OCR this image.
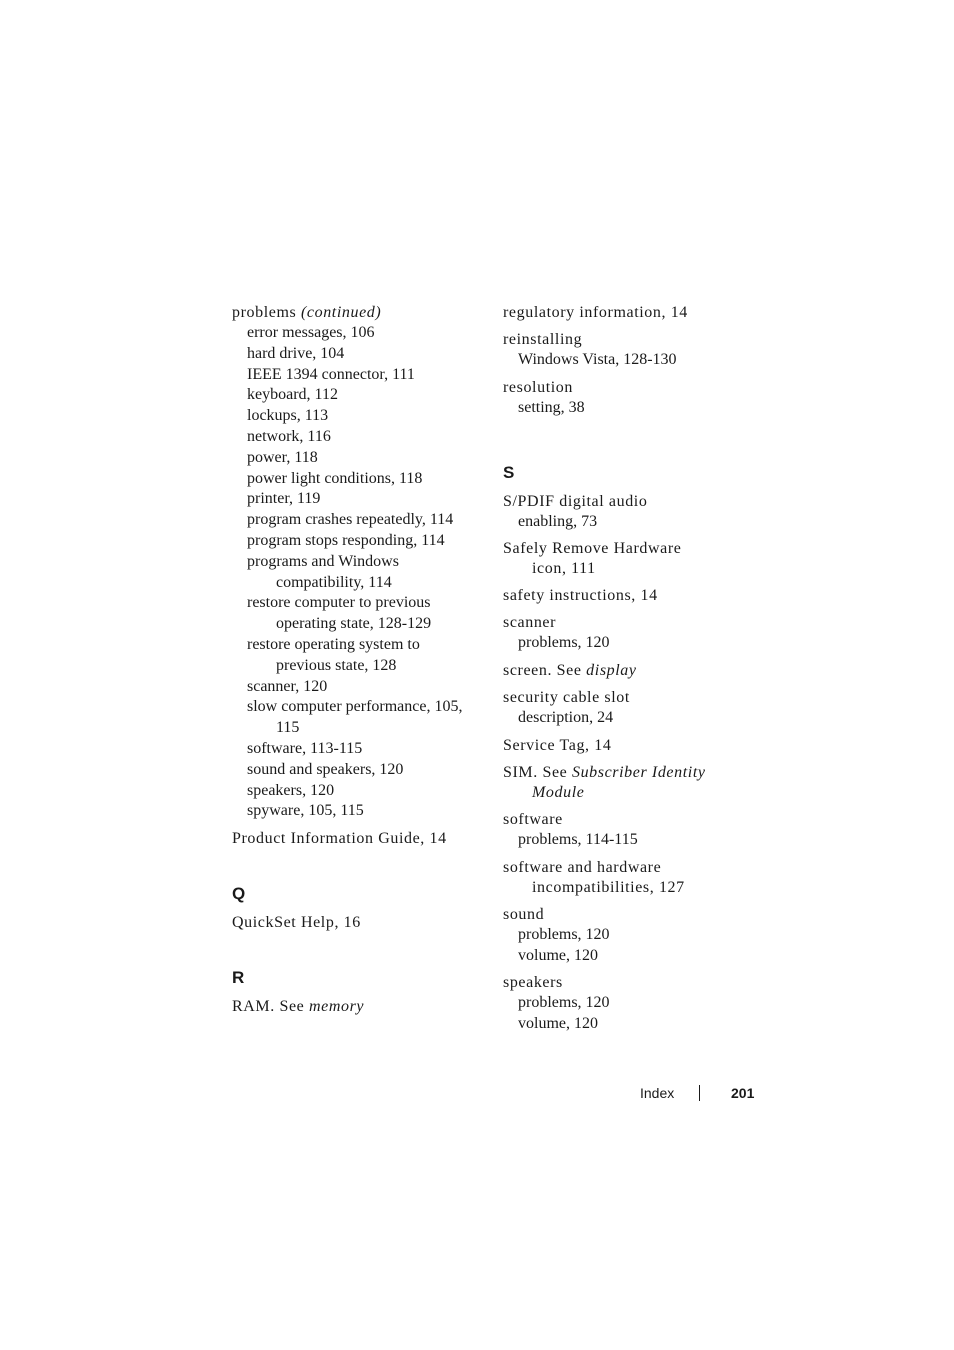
problems (continued)
error messages, 106
hard drive, 104
IEEE 1394 connector, 111
keyboard, 112
lockups, 113
network, 116
power, 118
power light conditions, 118
printer, 119
program crashes repeatedly, 114
program stops responding, 114
programs and Windows
compatibility, 114
restore computer to previous
operating state, 128-129
restore operating system to
previous state, 128
scanner, 120
slow computer performance, 105,
115
software, 113-115
sound and speakers, 120
speakers, 120
spyware, 105, 115
Product Information Guide, 14
Q
QuickSet Help, 16
R
RAM. See memory
regulatory information, 14
reinstalling
Windows Vista, 128-130
resolution
setting, 38
S
S/PDIF digital audio
enabling, 73
Safely Remove Hardware
icon, 111
safety instructions, 14
scanner
problems, 120
screen. See display
security cable slot
description, 24
Service Tag, 14
SIM. See Subscriber Identity
Module
software
problems, 114-115
software and hardware
incompatibilities, 127
sound
problems, 120
volume, 120
speakers
problems, 120
volume, 120
Index	201
